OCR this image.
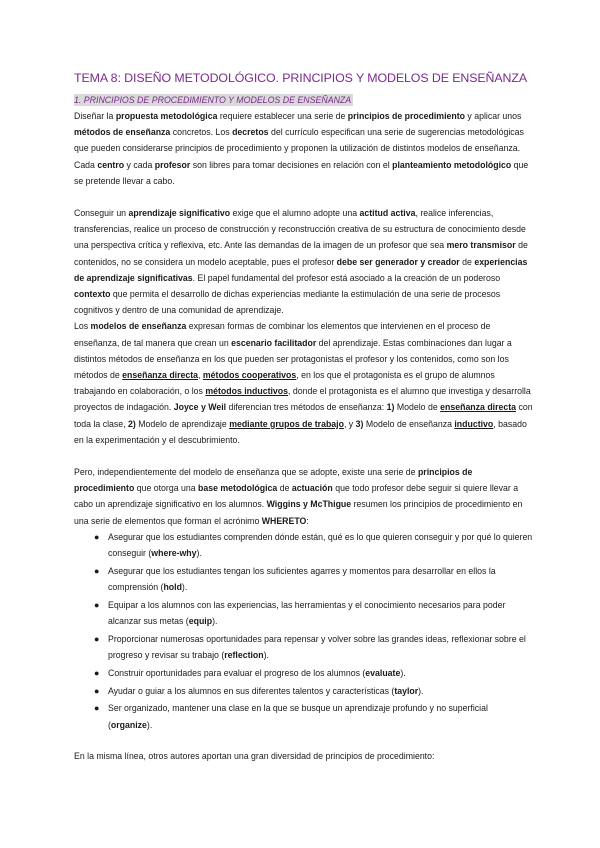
TEMA 8: DISEÑO METODOLÓGICO. PRINCIPIOS Y MODELOS DE ENSEÑANZA
1. PRINCIPIOS DE PROCEDIMIENTO Y MODELOS DE ENSEÑANZA

Diseñar la propuesta metodológica requiere establecer una serie de principios de procedimiento y aplicar unos métodos de enseñanza concretos. Los decretos del currículo especifican una serie de sugerencias metodológicas que pueden considerarse principios de procedimiento y proponen la utilización de distintos modelos de enseñanza. Cada centro y cada profesor son libres para tomar decisiones en relación con el planteamiento metodológico que se pretende llevar a cabo.

Conseguir un aprendizaje significativo exige que el alumno adopte una actitud activa, realice inferencias, transferencias, realice un proceso de construcción y reconstrucción creativa de su estructura de conocimiento desde una perspectiva crítica y reflexiva, etc. Ante las demandas de la imagen de un profesor que sea mero transmisor de contenidos, no se considera un modelo aceptable, pues el profesor debe ser generador y creador de experiencias de aprendizaje significativas. El papel fundamental del profesor está asociado a la creación de un poderoso contexto que permita el desarrollo de dichas experiencias mediante la estimulación de una serie de procesos cognitivos y dentro de una comunidad de aprendizaje.

Los modelos de enseñanza expresan formas de combinar los elementos que intervienen en el proceso de enseñanza, de tal manera que crean un escenario facilitador del aprendizaje. Estas combinaciones dan lugar a distintos métodos de enseñanza en los que pueden ser protagonistas el profesor y los contenidos, como son los métodos de enseñanza directa, métodos cooperativos, en los que el protagonista es el grupo de alumnos trabajando en colaboración, o los métodos inductivos, donde el protagonista es el alumno que investiga y desarrolla proyectos de indagación. Joyce y Weil diferencian tres métodos de enseñanza: 1) Modelo de enseñanza directa con toda la clase, 2) Modelo de aprendizaje mediante grupos de trabajo, y 3) Modelo de enseñanza inductivo, basado en la experimentación y el descubrimiento.

Pero, independientemente del modelo de enseñanza que se adopte, existe una serie de principios de procedimiento que otorga una base metodológica de actuación que todo profesor debe seguir si quiere llevar a cabo un aprendizaje significativo en los alumnos. Wiggins y McThigue resumen los principios de procedimiento en una serie de elementos que forman el acrónimo WHERETO:

● Asegurar que los estudiantes comprenden dónde están, qué es lo que quieren conseguir y por qué lo quieren conseguir (where-why).
● Asegurar que los estudiantes tengan los suficientes agarres y momentos para desarrollar en ellos la comprensión (hold).
● Equipar a los alumnos con las experiencias, las herramientas y el conocimiento necesarios para poder alcanzar sus metas (equip).
● Proporcionar numerosas oportunidades para repensar y volver sobre las grandes ideas, reflexionar sobre el progreso y revisar su trabajo (reflection).
● Construir oportunidades para evaluar el progreso de los alumnos (evaluate).
● Ayudar o guiar a los alumnos en sus diferentes talentos y características (taylor).
● Ser organizado, mantener una clase en la que se busque un aprendizaje profundo y no superficial (organize).

En la misma línea, otros autores aportan una gran diversidad de principios de procedimiento:
